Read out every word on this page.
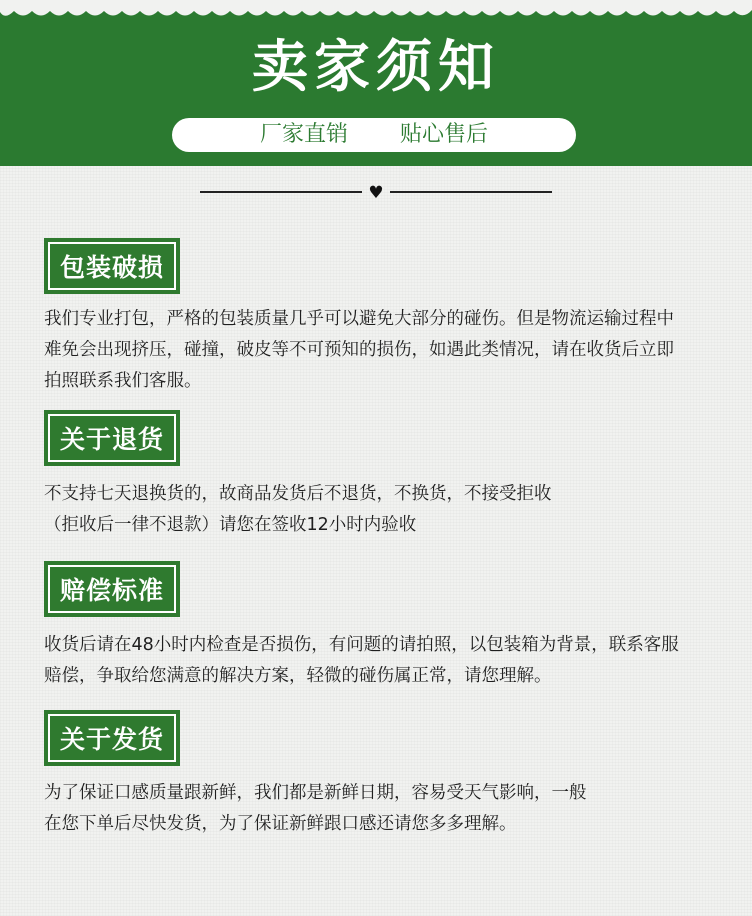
卖家须知
厂家直销 贴心售后
♥
包装破损
我们专业打包，严格的包装质量几乎可以避免大部分的碰伤。但是物流运输过程中
难免会出现挤压，碰撞，破皮等不可预知的损伤，如遇此类情况，请在收货后立即
拍照联系我们客服。
关于退货
不支持七天退换货的，故商品发货后不退货，不换货，不接受拒收
（拒收后一律不退款）请您在签收12小时内验收
赔偿标准
收货后请在48小时内检查是否损伤，有问题的请拍照，以包装箱为背景，联系客服
赔偿，争取给您满意的解决方案，轻微的碰伤属正常，请您理解。
关于发货
为了保证口感质量跟新鲜，我们都是新鲜日期，容易受天气影响，一般
在您下单后尽快发货，为了保证新鲜跟口感还请您多多理解。
